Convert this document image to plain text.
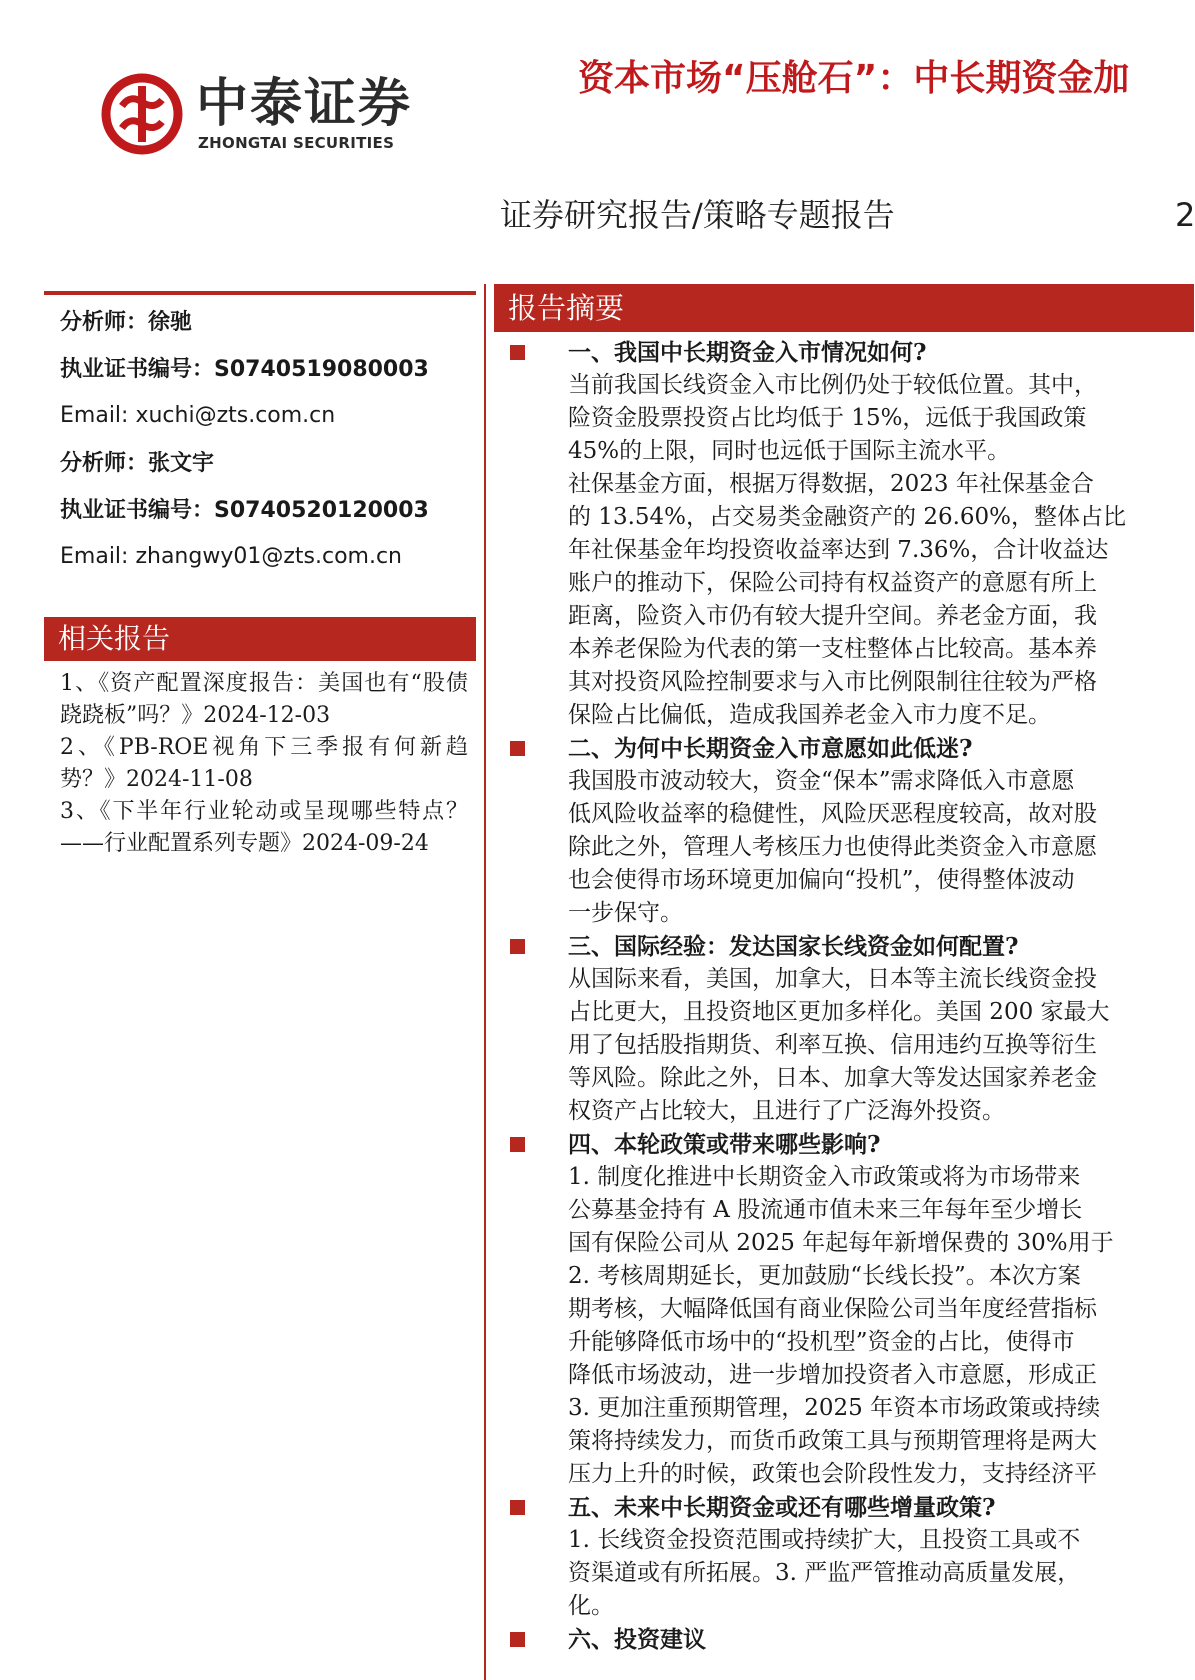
中泰证券
ZHONGTAI SECURITIES
资本市场“压舱石”：中长期资金加
证券研究报告/策略专题报告	2
分析师：徐驰
执业证书编号：S0740519080003
Email: xuchi@zts.com.cn
分析师：张文宇
执业证书编号：S0740520120003
Email: zhangwy01@zts.com.cn
相关报告
1、《资产配置深度报告：美国也有“股债跷跷板”吗？》2024-12-03
2、《PB-ROE视角下三季报有何新趋势？》2024-11-08
3、《下半年行业轮动或呈现哪些特点？——行业配置系列专题》2024-09-24
报告摘要
一、我国中长期资金入市情况如何?
当前我国长线资金入市比例仍处于较低位置。其中，
险资金股票投资占比均低于 15%，远低于我国政策
45%的上限，同时也远低于国际主流水平。
社保基金方面，根据万得数据，2023 年社保基金合
的 13.54%，占交易类金融资产的 26.60%，整体占比
年社保基金年均投资收益率达到 7.36%，合计收益达
账户的推动下，保险公司持有权益资产的意愿有所上
距离，险资入市仍有较大提升空间。养老金方面，我
本养老保险为代表的第一支柱整体占比较高。基本养
其对投资风险控制要求与入市比例限制往往较为严格
保险占比偏低，造成我国养老金入市力度不足。
二、为何中长期资金入市意愿如此低迷?
我国股市波动较大，资金“保本”需求降低入市意愿
低风险收益率的稳健性，风险厌恶程度较高，故对股
除此之外，管理人考核压力也使得此类资金入市意愿
也会使得市场环境更加偏向“投机”，使得整体波动
一步保守。
三、国际经验：发达国家长线资金如何配置?
从国际来看，美国，加拿大，日本等主流长线资金投
占比更大，且投资地区更加多样化。美国 200 家最大
用了包括股指期货、利率互换、信用违约互换等衍生
等风险。除此之外，日本、加拿大等发达国家养老金
权资产占比较大，且进行了广泛海外投资。
四、本轮政策或带来哪些影响?
1. 制度化推进中长期资金入市政策或将为市场带来
公募基金持有 A 股流通市值未来三年每年至少增长
国有保险公司从 2025 年起每年新增保费的 30%用于
2. 考核周期延长，更加鼓励“长线长投”。本次方案
期考核，大幅降低国有商业保险公司当年度经营指标
升能够降低市场中的“投机型”资金的占比，使得市
降低市场波动，进一步增加投资者入市意愿，形成正
3. 更加注重预期管理，2025 年资本市场政策或持续
策将持续发力，而货币政策工具与预期管理将是两大
压力上升的时候，政策也会阶段性发力，支持经济平
五、未来中长期资金或还有哪些增量政策?
1. 长线资金投资范围或持续扩大，且投资工具或不
资渠道或有所拓展。3. 严监严管推动高质量发展，
化。
六、投资建议
